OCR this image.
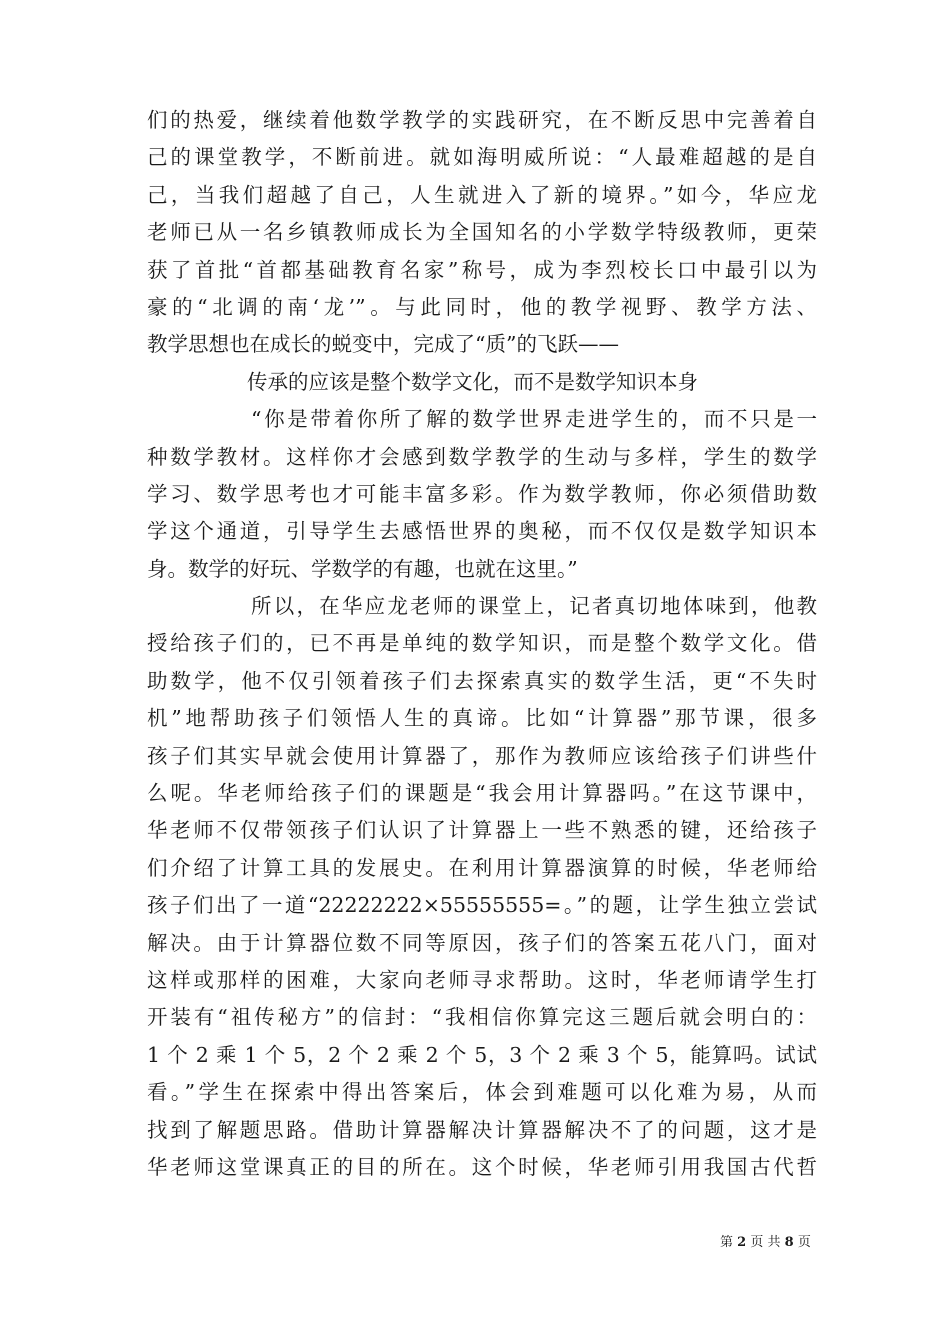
们的热爱，继续着他数学教学的实践研究，在不断反思中完善着自
己的课堂教学，不断前进。就如海明威所说：“人最难超越的是自
己，当我们超越了自己，人生就进入了新的境界。”如今，华应龙
老师已从一名乡镇教师成长为全国知名的小学数学特级教师，更荣
获了首批“首都基础教育名家”称号，成为李烈校长口中最引以为
豪的“北调的南‘龙’”。与此同时，他的教学视野、教学方法、
教学思想也在成长的蜕变中，完成了“质”的飞跃——
传承的应该是整个数学文化，而不是数学知识本身
“你是带着你所了解的数学世界走进学生的，而不只是一
种数学教材。这样你才会感到数学教学的生动与多样，学生的数学
学习、数学思考也才可能丰富多彩。作为数学教师，你必须借助数
学这个通道，引导学生去感悟世界的奥秘，而不仅仅是数学知识本
身。数学的好玩、学数学的有趣，也就在这里。”
所以，在华应龙老师的课堂上，记者真切地体味到，他教
授给孩子们的，已不再是单纯的数学知识，而是整个数学文化。借
助数学，他不仅引领着孩子们去探索真实的数学生活，更“不失时
机”地帮助孩子们领悟人生的真谛。比如“计算器”那节课，很多
孩子们其实早就会使用计算器了，那作为教师应该给孩子们讲些什
么呢。华老师给孩子们的课题是“我会用计算器吗。”在这节课中，
华老师不仅带领孩子们认识了计算器上一些不熟悉的键，还给孩子
们介绍了计算工具的发展史。在利用计算器演算的时候，华老师给
孩子们出了一道“22222222×55555555=。”的题，让学生独立尝试
解决。由于计算器位数不同等原因，孩子们的答案五花八门，面对
这样或那样的困难，大家向老师寻求帮助。这时，华老师请学生打
开装有“祖传秘方”的信封：“我相信你算完这三题后就会明白的：
1 个 2 乘 1 个 5，2 个 2 乘 2 个 5，3 个 2 乘 3 个 5，能算吗。试试
看。”学生在探索中得出答案后，体会到难题可以化难为易，从而
找到了解题思路。借助计算器解决计算器解决不了的问题，这才是
华老师这堂课真正的目的所在。这个时候，华老师引用我国古代哲
第 2 页 共 8 页
